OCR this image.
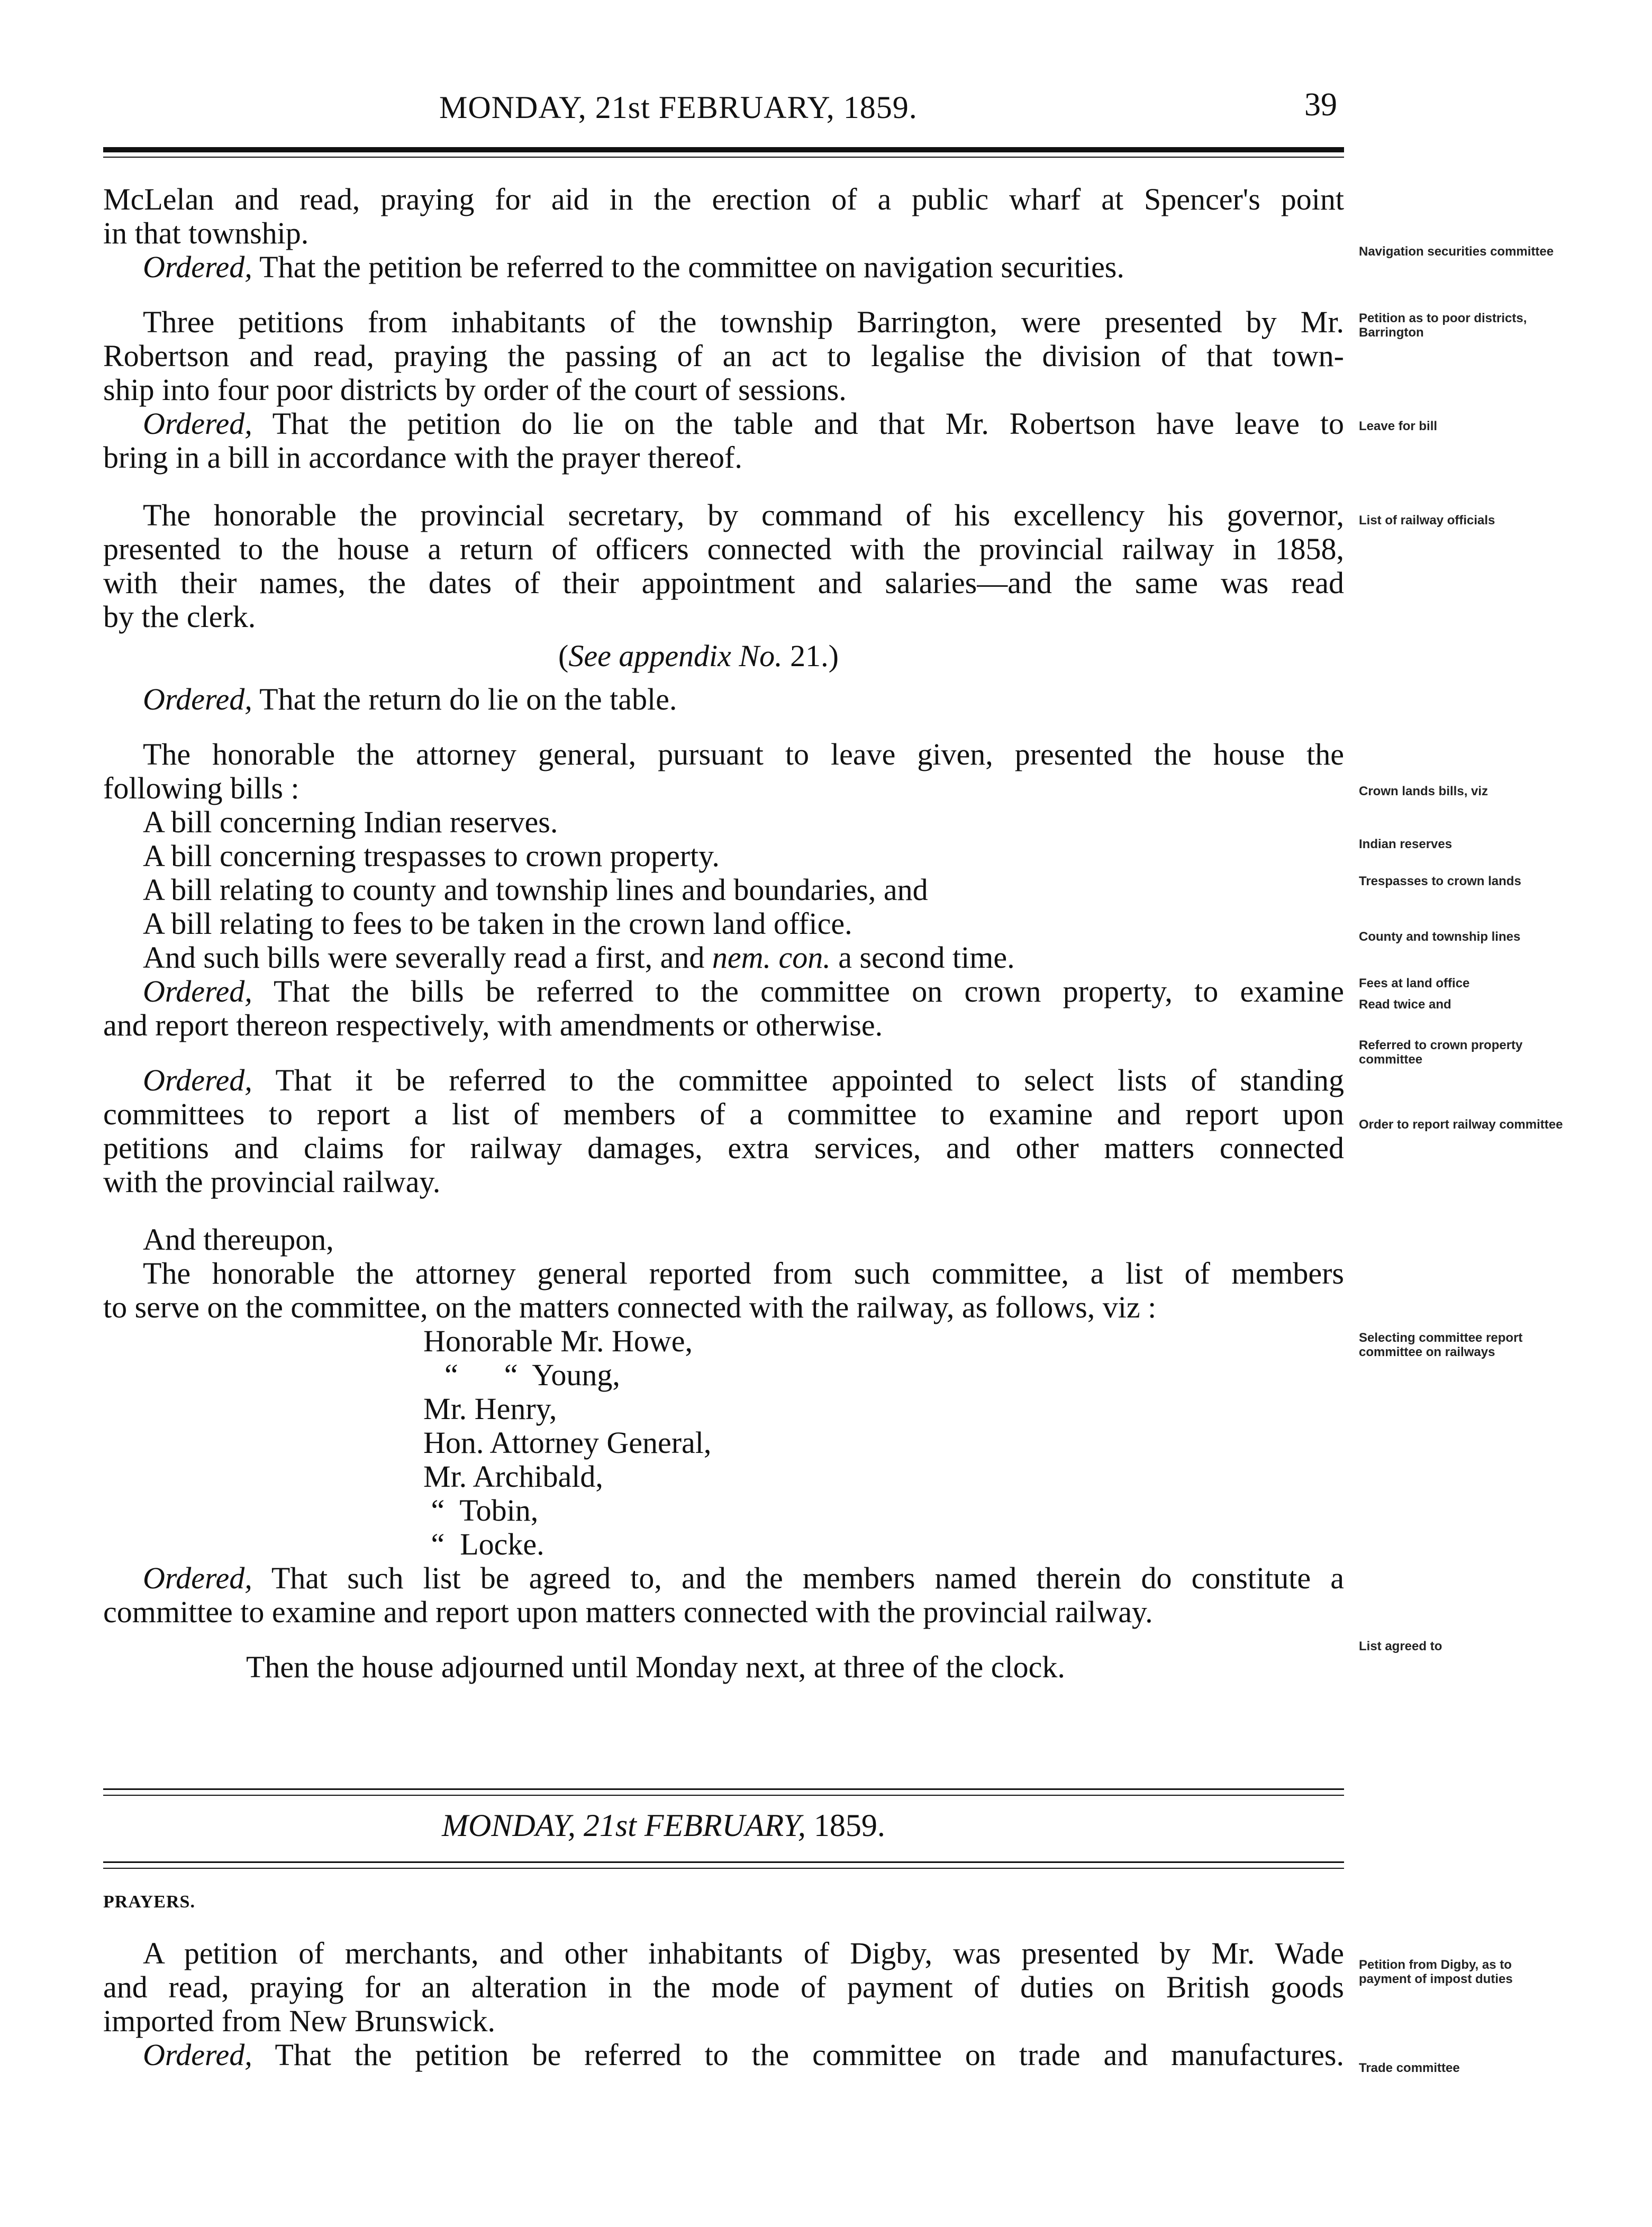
MONDAY, 21st FEBRUARY, 1859.	39
McLelan and read, praying for aid in the erection of a public wharf at Spencer's point
in that township.
Ordered, That the petition be referred to the committee on navigation securities.
Three petitions from inhabitants of the township Barrington, were presented by Mr.
Robertson and read, praying the passing of an act to legalise the division of that town-
ship into four poor districts by order of the court of sessions.
Ordered, That the petition do lie on the table and that Mr. Robertson have leave to
bring in a bill in accordance with the prayer thereof.
The honorable the provincial secretary, by command of his excellency his governor,
presented to the house a return of officers connected with the provincial railway in 1858,
with their names, the dates of their appointment and salaries—and the same was read
by the clerk.
(See appendix No. 21.)
Ordered, That the return do lie on the table.
The honorable the attorney general, pursuant to leave given, presented the house the
following bills :
A bill concerning Indian reserves.
A bill concerning trespasses to crown property.
A bill relating to county and township lines and boundaries, and
A bill relating to fees to be taken in the crown land office.
And such bills were severally read a first, and nem. con. a second time.
Ordered, That the bills be referred to the committee on crown property, to examine
and report thereon respectively, with amendments or otherwise.
Ordered, That it be referred to the committee appointed to select lists of standing
committees to report a list of members of a committee to examine and report upon
petitions and claims for railway damages, extra services, and other matters connected
with the provincial railway.
And thereupon,
The honorable the attorney general reported from such committee, a list of members
to serve on the committee, on the matters connected with the railway, as follows, viz :
Honorable Mr. Howe,
“      “  Young,
Mr. Henry,
Hon. Attorney General,
Mr. Archibald,
“  Tobin,
“  Locke.
Ordered, That such list be agreed to, and the members named therein do constitute a
committee to examine and report upon matters connected with the provincial railway.
Then the house adjourned until Monday next, at three of the clock.
MONDAY, 21st FEBRUARY, 1859.
PRAYERS.
A petition of merchants, and other inhabitants of Digby, was presented by Mr. Wade
and read, praying for an alteration in the mode of payment of duties on British goods
imported from New Brunswick.
Ordered, That the petition be referred to the committee on trade and manufactures.
Navigation securities committee
Petition as to poor districts, Barrington
Leave for bill
List of railway officials
Crown lands bills, viz
Indian reserves
Trespasses to crown lands
County and township lines
Fees at land office
Read twice and
Referred to crown property committee
Order to report railway committee
Selecting committee report committee on railways
List agreed to
Petition from Digby, as to payment of impost duties
Trade committee
